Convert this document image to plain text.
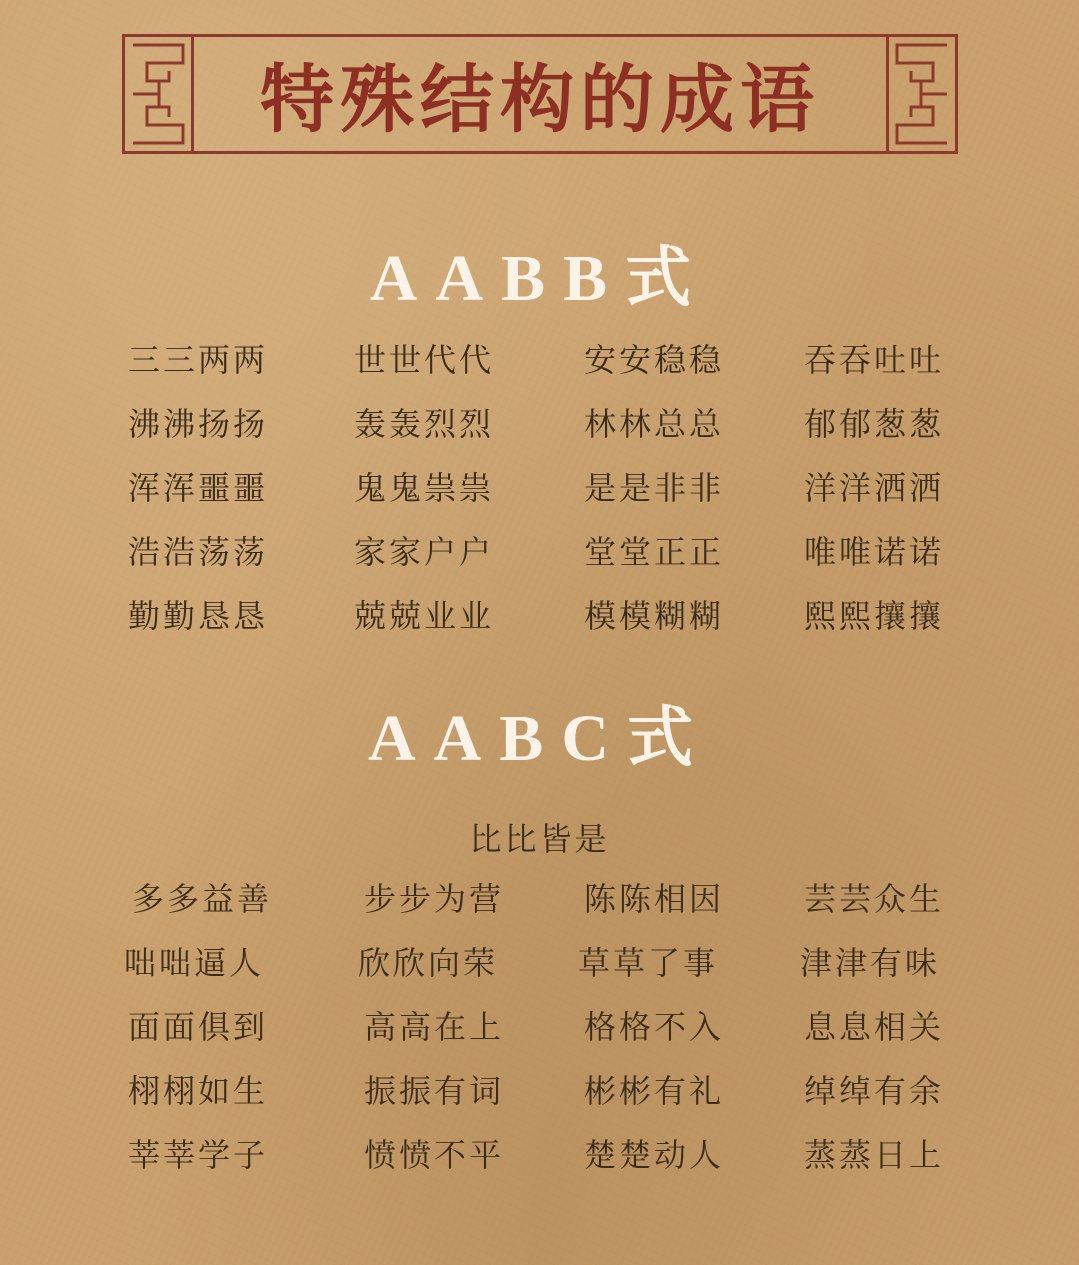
特殊结构的成语
AABB式
三三两两	世世代代	安安稳稳	吞吞吐吐
沸沸扬扬	轰轰烈烈	林林总总	郁郁葱葱
浑浑噩噩	鬼鬼祟祟	是是非非	洋洋洒洒
浩浩荡荡	家家户户	堂堂正正	唯唯诺诺
勤勤恳恳	兢兢业业	模模糊糊	熙熙攘攘
AABC式
比比皆是
多多益善	步步为营	陈陈相因	芸芸众生
咄咄逼人	欣欣向荣	草草了事	津津有味
面面俱到	高高在上	格格不入	息息相关
栩栩如生	振振有词	彬彬有礼	绰绰有余
莘莘学子	愤愤不平	楚楚动人	蒸蒸日上
